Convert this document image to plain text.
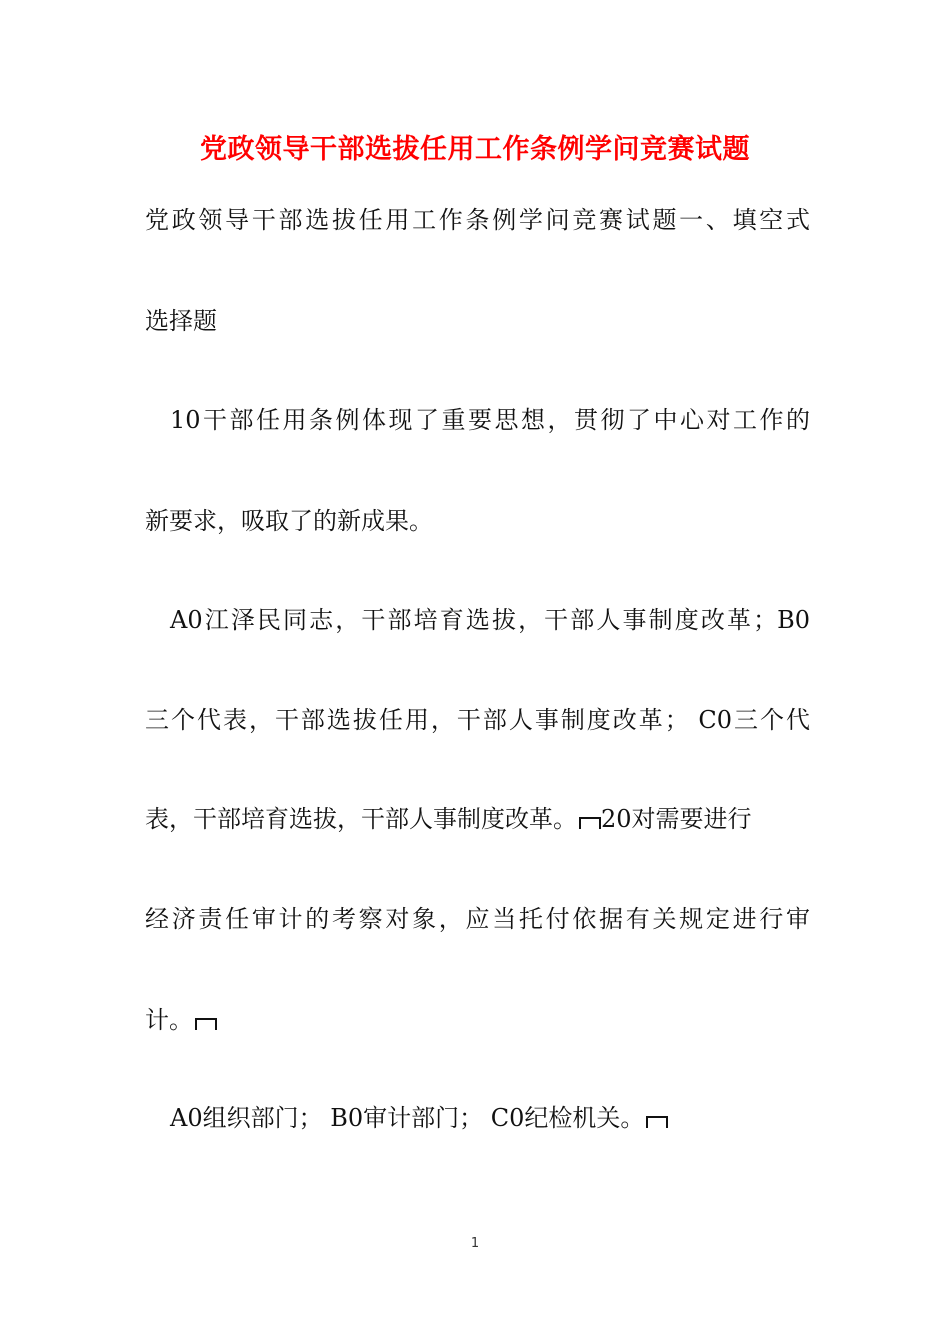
党政领导干部选拔任用工作条例学问竞赛试题

党政领导干部选拔任用工作条例学问竞赛试题一、填空式

选择题

10干部任用条例体现了重要思想，贯彻了中心对工作的

新要求，吸取了的新成果。

A0江泽民同志，干部培育选拔，干部人事制度改革；B0

三个代表，干部选拔任用，干部人事制度改革； C0三个代

表，干部培育选拔，干部人事制度改革。 20对需要进行

经济责任审计的考察对象，应当托付依据有关规定进行审

计。

A0组织部门； B0审计部门； C0纪检机关。

1
